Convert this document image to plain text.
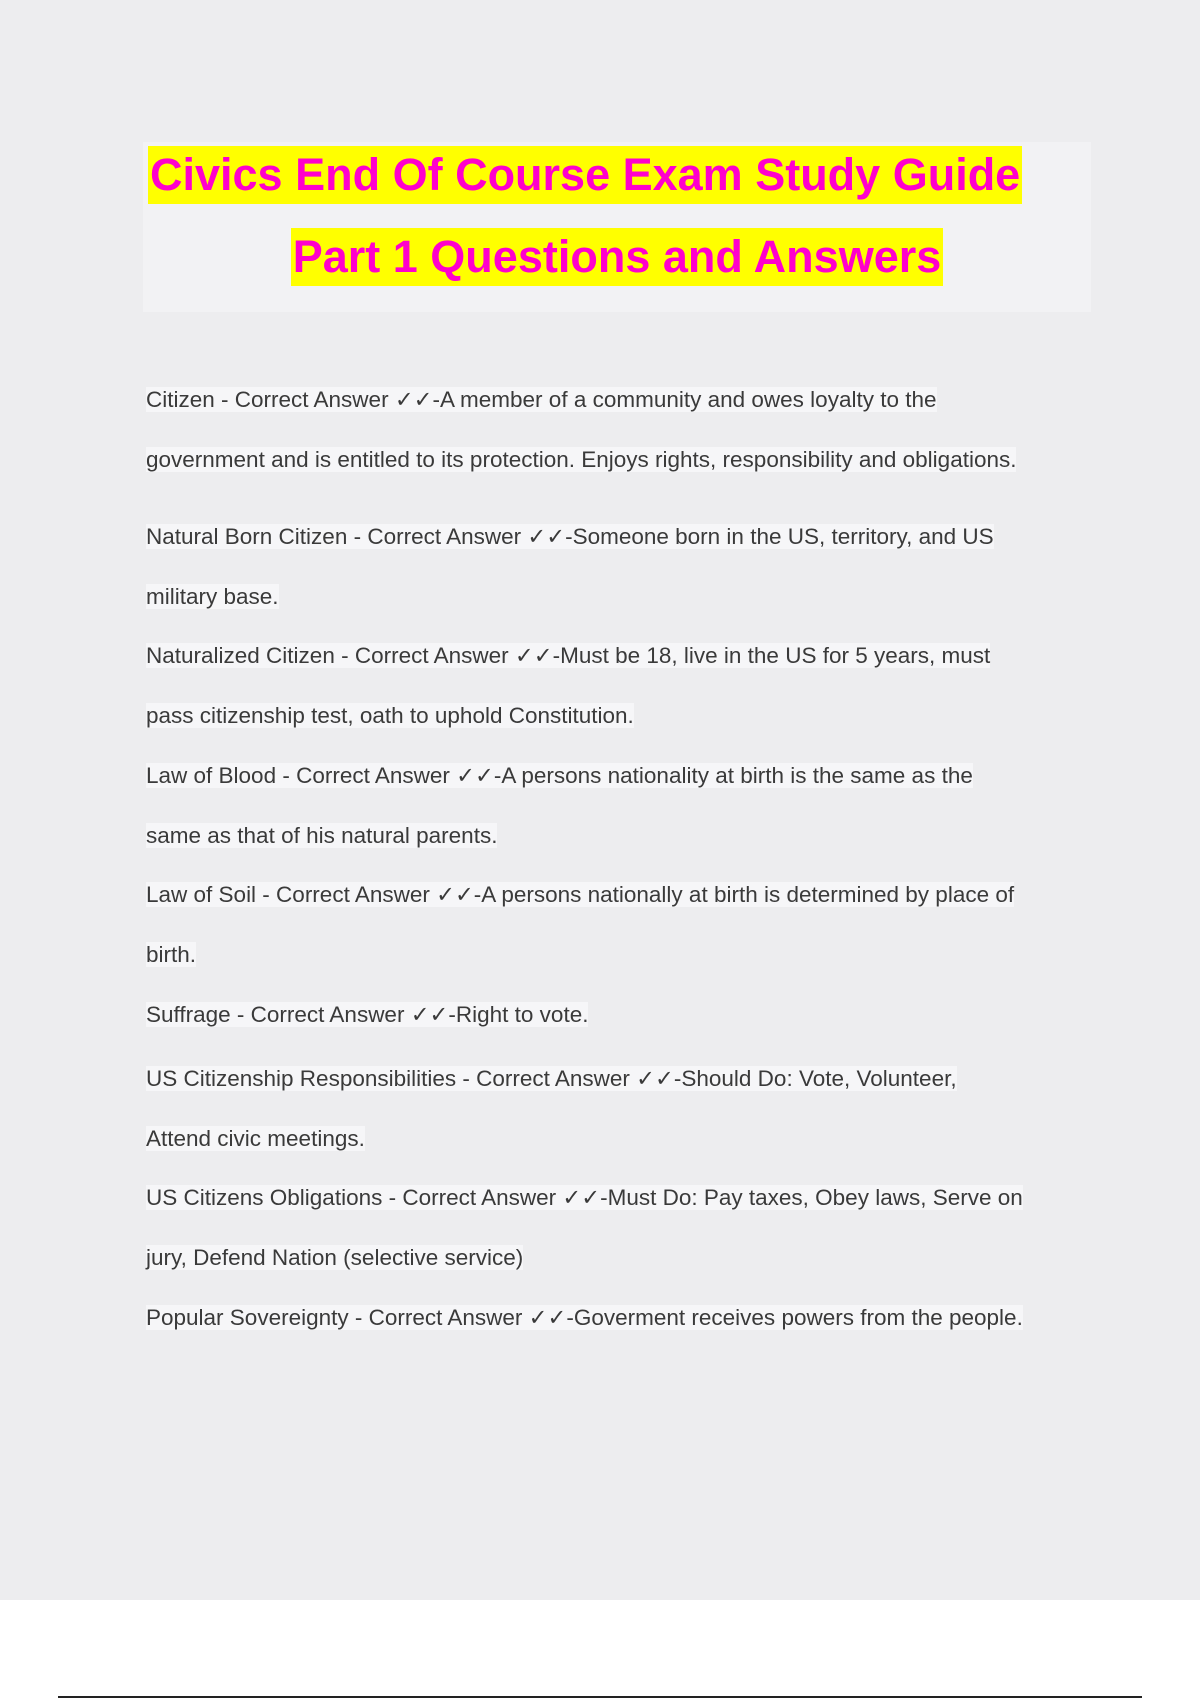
Civics End Of Course Exam Study Guide
Part 1 Questions and Answers
Citizen - Correct Answer ✓✓-A member of a community and owes loyalty to the
government and is entitled to its protection. Enjoys rights, responsibility and obligations.
Natural Born Citizen - Correct Answer ✓✓-Someone born in the US, territory, and US
military base.
Naturalized Citizen - Correct Answer ✓✓-Must be 18, live in the US for 5 years, must
pass citizenship test, oath to uphold Constitution.
Law of Blood - Correct Answer ✓✓-A persons nationality at birth is the same as the
same as that of his natural parents.
Law of Soil - Correct Answer ✓✓-A persons nationally at birth is determined by place of
birth.
Suffrage - Correct Answer ✓✓-Right to vote.
US Citizenship Responsibilities - Correct Answer ✓✓-Should Do: Vote, Volunteer,
Attend civic meetings.
US Citizens Obligations - Correct Answer ✓✓-Must Do: Pay taxes, Obey laws, Serve on
jury, Defend Nation (selective service)
Popular Sovereignty - Correct Answer ✓✓-Goverment receives powers from the people.
